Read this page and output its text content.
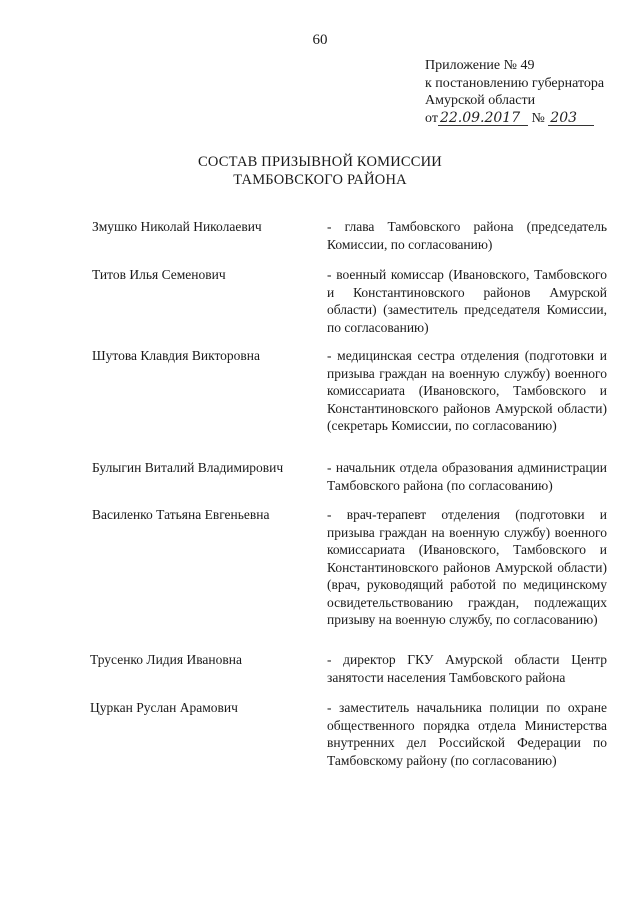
60
Приложение № 49
к постановлению губернатора
Амурской области
от 22.09.2017 № 203
СОСТАВ ПРИЗЫВНОЙ КОМИССИИ
ТАМБОВСКОГО РАЙОНА
Змушко Николай Николаевич	- глава Тамбовского района (председатель Комиссии, по согласованию)
Титов Илья Семенович	- военный комиссар (Ивановского, Тамбовского и Константиновского районов Амурской области) (заместитель председателя Комиссии, по согласованию)
Шутова Клавдия Викторовна	- медицинская сестра отделения (подготовки и призыва граждан на военную службу) военного комиссариата (Ивановского, Тамбовского и Константиновского районов Амурской области) (секретарь Комиссии, по согласованию)
Булыгин Виталий Владимирович	- начальник отдела образования администрации Тамбовского района (по согласованию)
Василенко Татьяна Евгеньевна	- врач-терапевт отделения (подготовки и призыва граждан на военную службу) военного комиссариата (Ивановского, Тамбовского и Константиновского районов Амурской области) (врач, руководящий работой по медицинскому освидетельствованию граждан, подлежащих призыву на военную службу, по согласованию)
Трусенко Лидия Ивановна	- директор ГКУ Амурской области Центр занятости населения Тамбовского района
Цуркан Руслан Арамович	- заместитель начальника полиции по охране общественного порядка отдела Министерства внутренних дел Российской Федерации по Тамбовскому району (по согласованию)
